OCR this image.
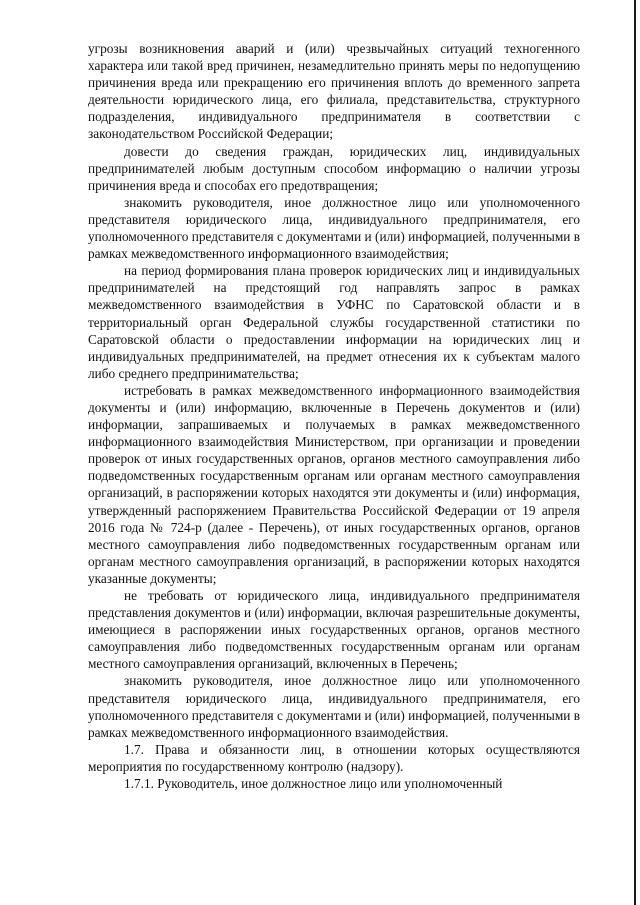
угрозы возникновения аварий и (или) чрезвычайных ситуаций техногенного характера или такой вред причинен, незамедлительно принять меры по недопущению причинения вреда или прекращению его причинения вплоть до временного запрета деятельности юридического лица, его филиала, представительства, структурного подразделения, индивидуального предпринимателя в соответствии с законодательством Российской Федерации;

довести до сведения граждан, юридических лиц, индивидуальных предпринимателей любым доступным способом информацию о наличии угрозы причинения вреда и способах его предотвращения;

знакомить руководителя, иное должностное лицо или уполномоченного представителя юридического лица, индивидуального предпринимателя, его уполномоченного представителя с документами и (или) информацией, полученными в рамках межведомственного информационного взаимодействия;

на период формирования плана проверок юридических лиц и индивидуальных предпринимателей на предстоящий год направлять запрос в рамках межведомственного взаимодействия в УФНС по Саратовской области и в территориальный орган Федеральной службы государственной статистики по Саратовской области о предоставлении информации на юридических лиц и индивидуальных предпринимателей, на предмет отнесения их к субъектам малого либо среднего предпринимательства;

истребовать в рамках межведомственного информационного взаимодействия документы и (или) информацию, включенные в Перечень документов и (или) информации, запрашиваемых и получаемых в рамках межведомственного информационного взаимодействия Министерством, при организации и проведении проверок от иных государственных органов, органов местного самоуправления либо подведомственных государственным органам или органам местного самоуправления организаций, в распоряжении которых находятся эти документы и (или) информация, утвержденный распоряжением Правительства Российской Федерации от 19 апреля 2016 года № 724-р (далее - Перечень), от иных государственных органов, органов местного самоуправления либо подведомственных государственным органам или органам местного самоуправления организаций, в распоряжении которых находятся указанные документы;

не требовать от юридического лица, индивидуального предпринимателя представления документов и (или) информации, включая разрешительные документы, имеющиеся в распоряжении иных государственных органов, органов местного самоуправления либо подведомственных государственным органам или органам местного самоуправления организаций, включенных в Перечень;

знакомить руководителя, иное должностное лицо или уполномоченного представителя юридического лица, индивидуального предпринимателя, его уполномоченного представителя с документами и (или) информацией, полученными в рамках межведомственного информационного взаимодействия.

1.7. Права и обязанности лиц, в отношении которых осуществляются мероприятия по государственному контролю (надзору).

1.7.1. Руководитель, иное должностное лицо или уполномоченный
